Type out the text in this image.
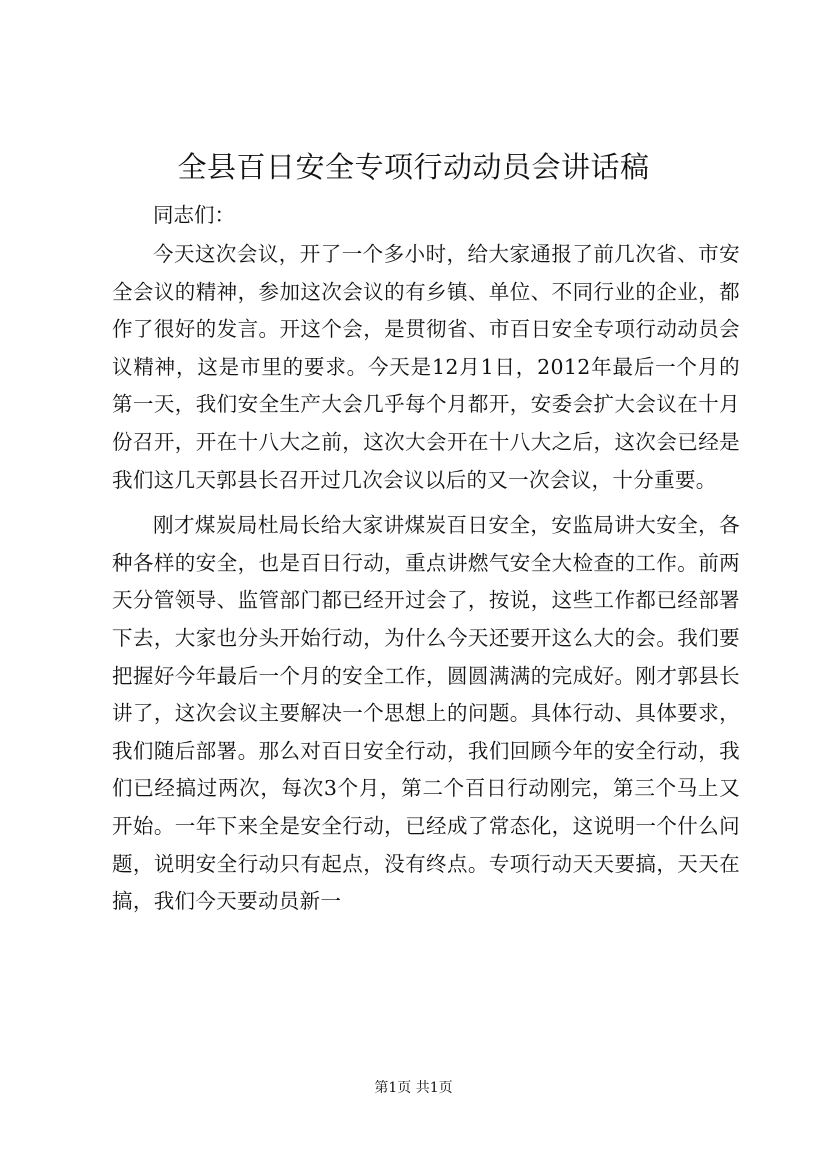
全县百日安全专项行动动员会讲话稿

同志们：

今天这次会议，开了一个多小时，给大家通报了前几次省、市安全会议的精神，参加这次会议的有乡镇、单位、不同行业的企业，都作了很好的发言。开这个会，是贯彻省、市百日安全专项行动动员会议精神，这是市里的要求。今天是12月1日，2012年最后一个月的第一天，我们安全生产大会几乎每个月都开，安委会扩大会议在十月份召开，开在十八大之前，这次大会开在十八大之后，这次会已经是我们这几天郭县长召开过几次会议以后的又一次会议，十分重要。

刚才煤炭局杜局长给大家讲煤炭百日安全，安监局讲大安全，各种各样的安全，也是百日行动，重点讲燃气安全大检查的工作。前两天分管领导、监管部门都已经开过会了，按说，这些工作都已经部署下去，大家也分头开始行动，为什么今天还要开这么大的会。我们要把握好今年最后一个月的安全工作，圆圆满满的完成好。刚才郭县长讲了，这次会议主要解决一个思想上的问题。具体行动、具体要求，我们随后部署。那么对百日安全行动，我们回顾今年的安全行动，我们已经搞过两次，每次3个月，第二个百日行动刚完，第三个马上又开始。一年下来全是安全行动，已经成了常态化，这说明一个什么问题，说明安全行动只有起点，没有终点。专项行动天天要搞，天天在搞，我们今天要动员新一

第1页 共1页
